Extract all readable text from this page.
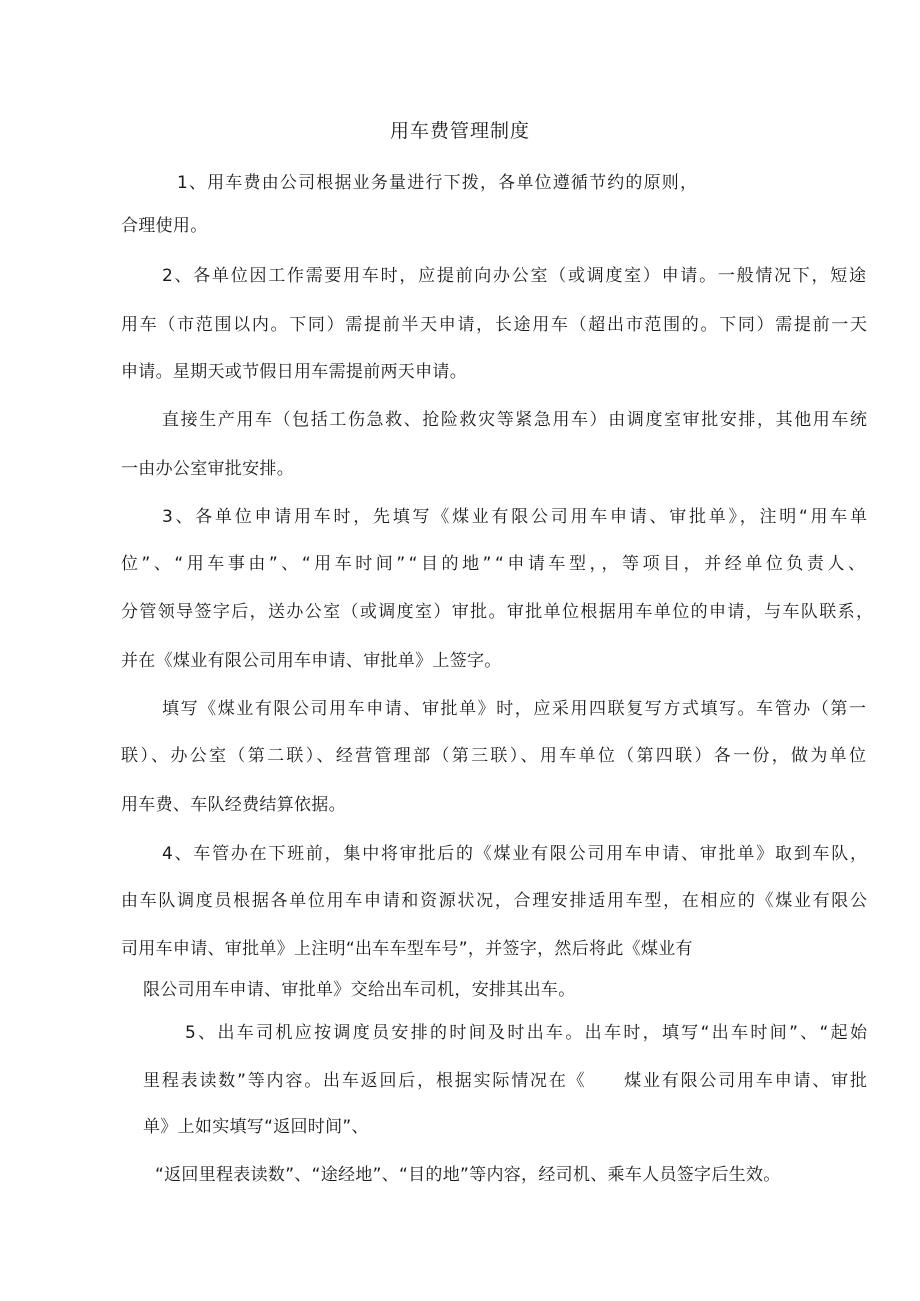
用车费管理制度
1、用车费由公司根据业务量进行下拨，各单位遵循节约的原则，
合理使用。
2、各单位因工作需要用车时，应提前向办公室（或调度室）申请。一般情况下，短途
用车（市范围以内。下同）需提前半天申请，长途用车（超出市范围的。下同）需提前一天
申请。星期天或节假日用车需提前两天申请。
直接生产用车（包括工伤急救、抢险救灾等紧急用车）由调度室审批安排，其他用车统
一由办公室审批安排。
3、各单位申请用车时，先填写《煤业有限公司用车申请、审批单》，注明“用车单
位”、“用车事由”、“用车时间”“目的地”“申请车型，，等项目，并经单位负责人、
分管领导签字后，送办公室（或调度室）审批。审批单位根据用车单位的申请，与车队联系，
并在《煤业有限公司用车申请、审批单》上签字。
填写《煤业有限公司用车申请、审批单》时，应采用四联复写方式填写。车管办（第一
联）、办公室（第二联）、经营管理部（第三联）、用车单位（第四联）各一份，做为单位
用车费、车队经费结算依据。
4、车管办在下班前，集中将审批后的《煤业有限公司用车申请、审批单》取到车队，
由车队调度员根据各单位用车申请和资源状况，合理安排适用车型，在相应的《煤业有限公
司用车申请、审批单》上注明“出车车型车号”，并签字，然后将此《煤业有
限公司用车申请、审批单》交给出车司机，安排其出车。
5、出车司机应按调度员安排的时间及时出车。出车时，填写“出车时间”、“起始
里程表读数”等内容。出车返回后，根据实际情况在《　　煤业有限公司用车申请、审批
单》上如实填写“返回时间”、
“返回里程表读数”、“途经地”、“目的地”等内容，经司机、乘车人员签字后生效。
